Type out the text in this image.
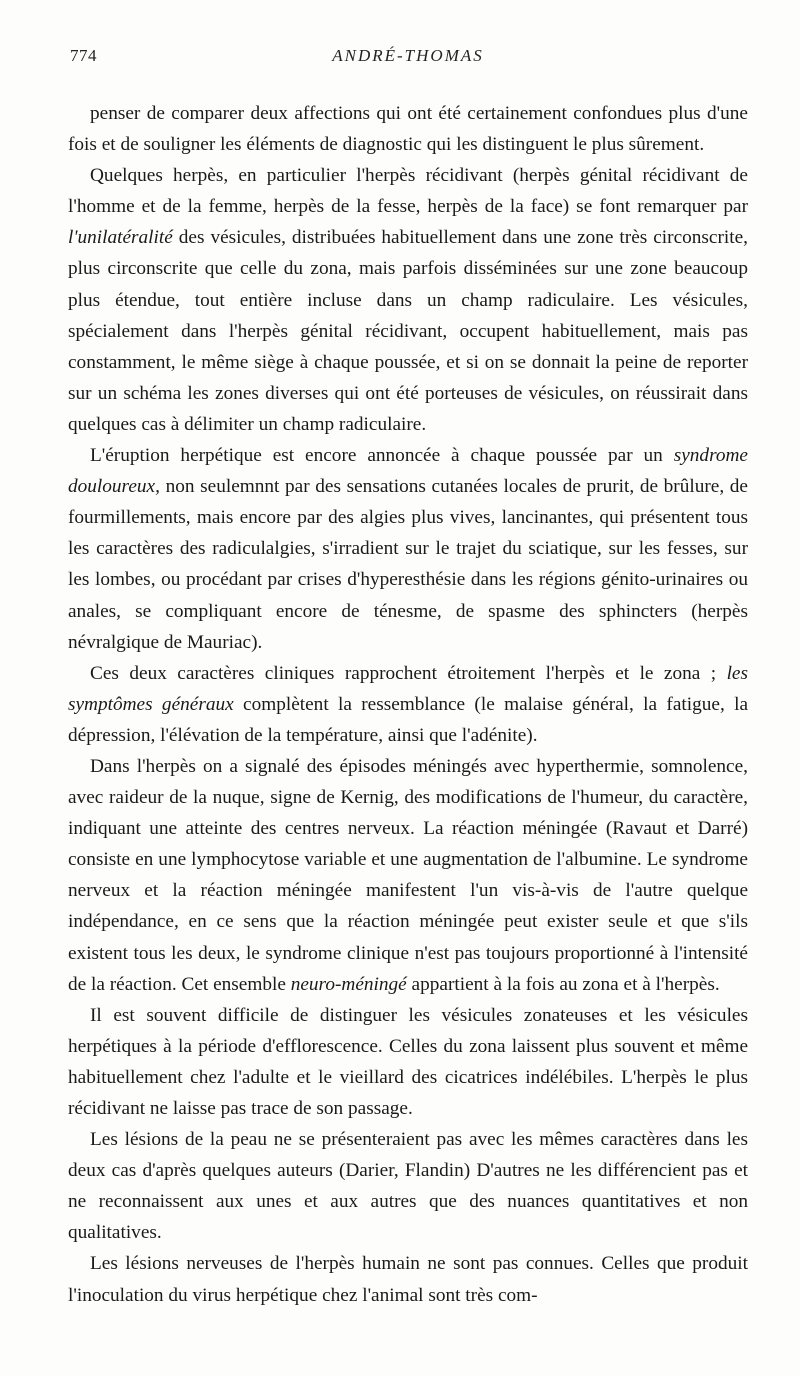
774	ANDRÉ-THOMAS

penser de comparer deux affections qui ont été certainement confondues plus d'une fois et de souligner les éléments de diagnostic qui les distinguent le plus sûrement.

Quelques herpès, en particulier l'herpès récidivant (herpès génital récidivant de l'homme et de la femme, herpès de la fesse, herpès de la face) se font remarquer par l'unilatéralité des vésicules, distribuées habituellement dans une zone très circonscrite, plus circonscrite que celle du zona, mais parfois disséminées sur une zone beaucoup plus étendue, tout entière incluse dans un champ radiculaire. Les vésicules, spécialement dans l'herpès génital récidivant, occupent habituellement, mais pas constamment, le même siège à chaque poussée, et si on se donnait la peine de reporter sur un schéma les zones diverses qui ont été porteuses de vésicules, on réussirait dans quelques cas à délimiter un champ radiculaire.

L'éruption herpétique est encore annoncée à chaque poussée par un syndrome douloureux, non seulemnnt par des sensations cutanées locales de prurit, de brûlure, de fourmillements, mais encore par des algies plus vives, lancinantes, qui présentent tous les caractères des radiculalgies, s'irradient sur le trajet du sciatique, sur les fesses, sur les lombes, ou procédant par crises d'hyperesthésie dans les régions génito-urinaires ou anales, se compliquant encore de ténesme, de spasme des sphincters (herpès névralgique de Mauriac).

Ces deux caractères cliniques rapprochent étroitement l'herpès et le zona ; les symptômes généraux complètent la ressemblance (le malaise général, la fatigue, la dépression, l'élévation de la température, ainsi que l'adénite).

Dans l'herpès on a signalé des épisodes méningés avec hyperthermie, somnolence, avec raideur de la nuque, signe de Kernig, des modifications de l'humeur, du caractère, indiquant une atteinte des centres nerveux. La réaction méningée (Ravaut et Darré) consiste en une lymphocytose variable et une augmentation de l'albumine. Le syndrome nerveux et la réaction méningée manifestent l'un vis-à-vis de l'autre quelque indépendance, en ce sens que la réaction méningée peut exister seule et que s'ils existent tous les deux, le syndrome clinique n'est pas toujours proportionné à l'intensité de la réaction. Cet ensemble neuro-méningé appartient à la fois au zona et à l'herpès.

Il est souvent difficile de distinguer les vésicules zonateuses et les vésicules herpétiques à la période d'efflorescence. Celles du zona laissent plus souvent et même habituellement chez l'adulte et le vieillard des cicatrices indélébiles. L'herpès le plus récidivant ne laisse pas trace de son passage.

Les lésions de la peau ne se présenteraient pas avec les mêmes caractères dans les deux cas d'après quelques auteurs (Darier, Flandin) D'autres ne les différencient pas et ne reconnaissent aux unes et aux autres que des nuances quantitatives et non qualitatives.

Les lésions nerveuses de l'herpès humain ne sont pas connues. Celles que produit l'inoculation du virus herpétique chez l'animal sont très com-
